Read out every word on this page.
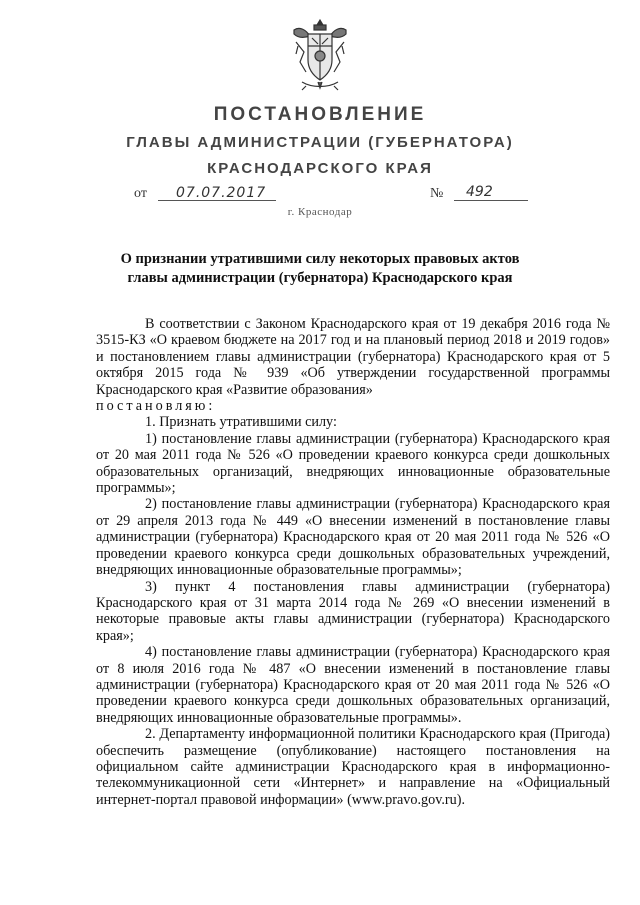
ПОСТАНОВЛЕНИЕ
ГЛАВЫ АДМИНИСТРАЦИИ (ГУБЕРНАТОРА)
КРАСНОДАРСКОГО КРАЯ
от 07.07.2017	№ 492
г. Краснодар
О признании утратившими силу некоторых правовых актов главы администрации (губернатора) Краснодарского края

В соответствии с Законом Краснодарского края от 19 декабря 2016 года № 3515-КЗ «О краевом бюджете на 2017 год и на плановый период 2018 и 2019 годов» и постановлением главы администрации (губернатора) Краснодарского края от 5 октября 2015 года № 939 «Об утверждении государственной программы Краснодарского края «Развитие образования»

постановляю:

1. Признать утратившими силу:

1) постановление главы администрации (губернатора) Краснодарского края от 20 мая 2011 года № 526 «О проведении краевого конкурса среди дошкольных образовательных организаций, внедряющих инновационные образовательные программы»;

2) постановление главы администрации (губернатора) Краснодарского края от 29 апреля 2013 года № 449 «О внесении изменений в постановление главы администрации (губернатора) Краснодарского края от 20 мая 2011 года № 526 «О проведении краевого конкурса среди дошкольных образовательных учреждений, внедряющих инновационные образовательные программы»;

3) пункт 4 постановления главы администрации (губернатора) Краснодарского края от 31 марта 2014 года № 269 «О внесении изменений в некоторые правовые акты главы администрации (губернатора) Краснодарского края»;

4) постановление главы администрации (губернатора) Краснодарского края от 8 июля 2016 года № 487 «О внесении изменений в постановление главы администрации (губернатора) Краснодарского края от 20 мая 2011 года № 526 «О проведении краевого конкурса среди дошкольных образовательных организаций, внедряющих инновационные образовательные программы».

2. Департаменту информационной политики Краснодарского края (Пригода) обеспечить размещение (опубликование) настоящего постановления на официальном сайте администрации Краснодарского края в информационно-телекоммуникационной сети «Интернет» и направление на «Официальный интернет-портал правовой информации» (www.pravo.gov.ru).
